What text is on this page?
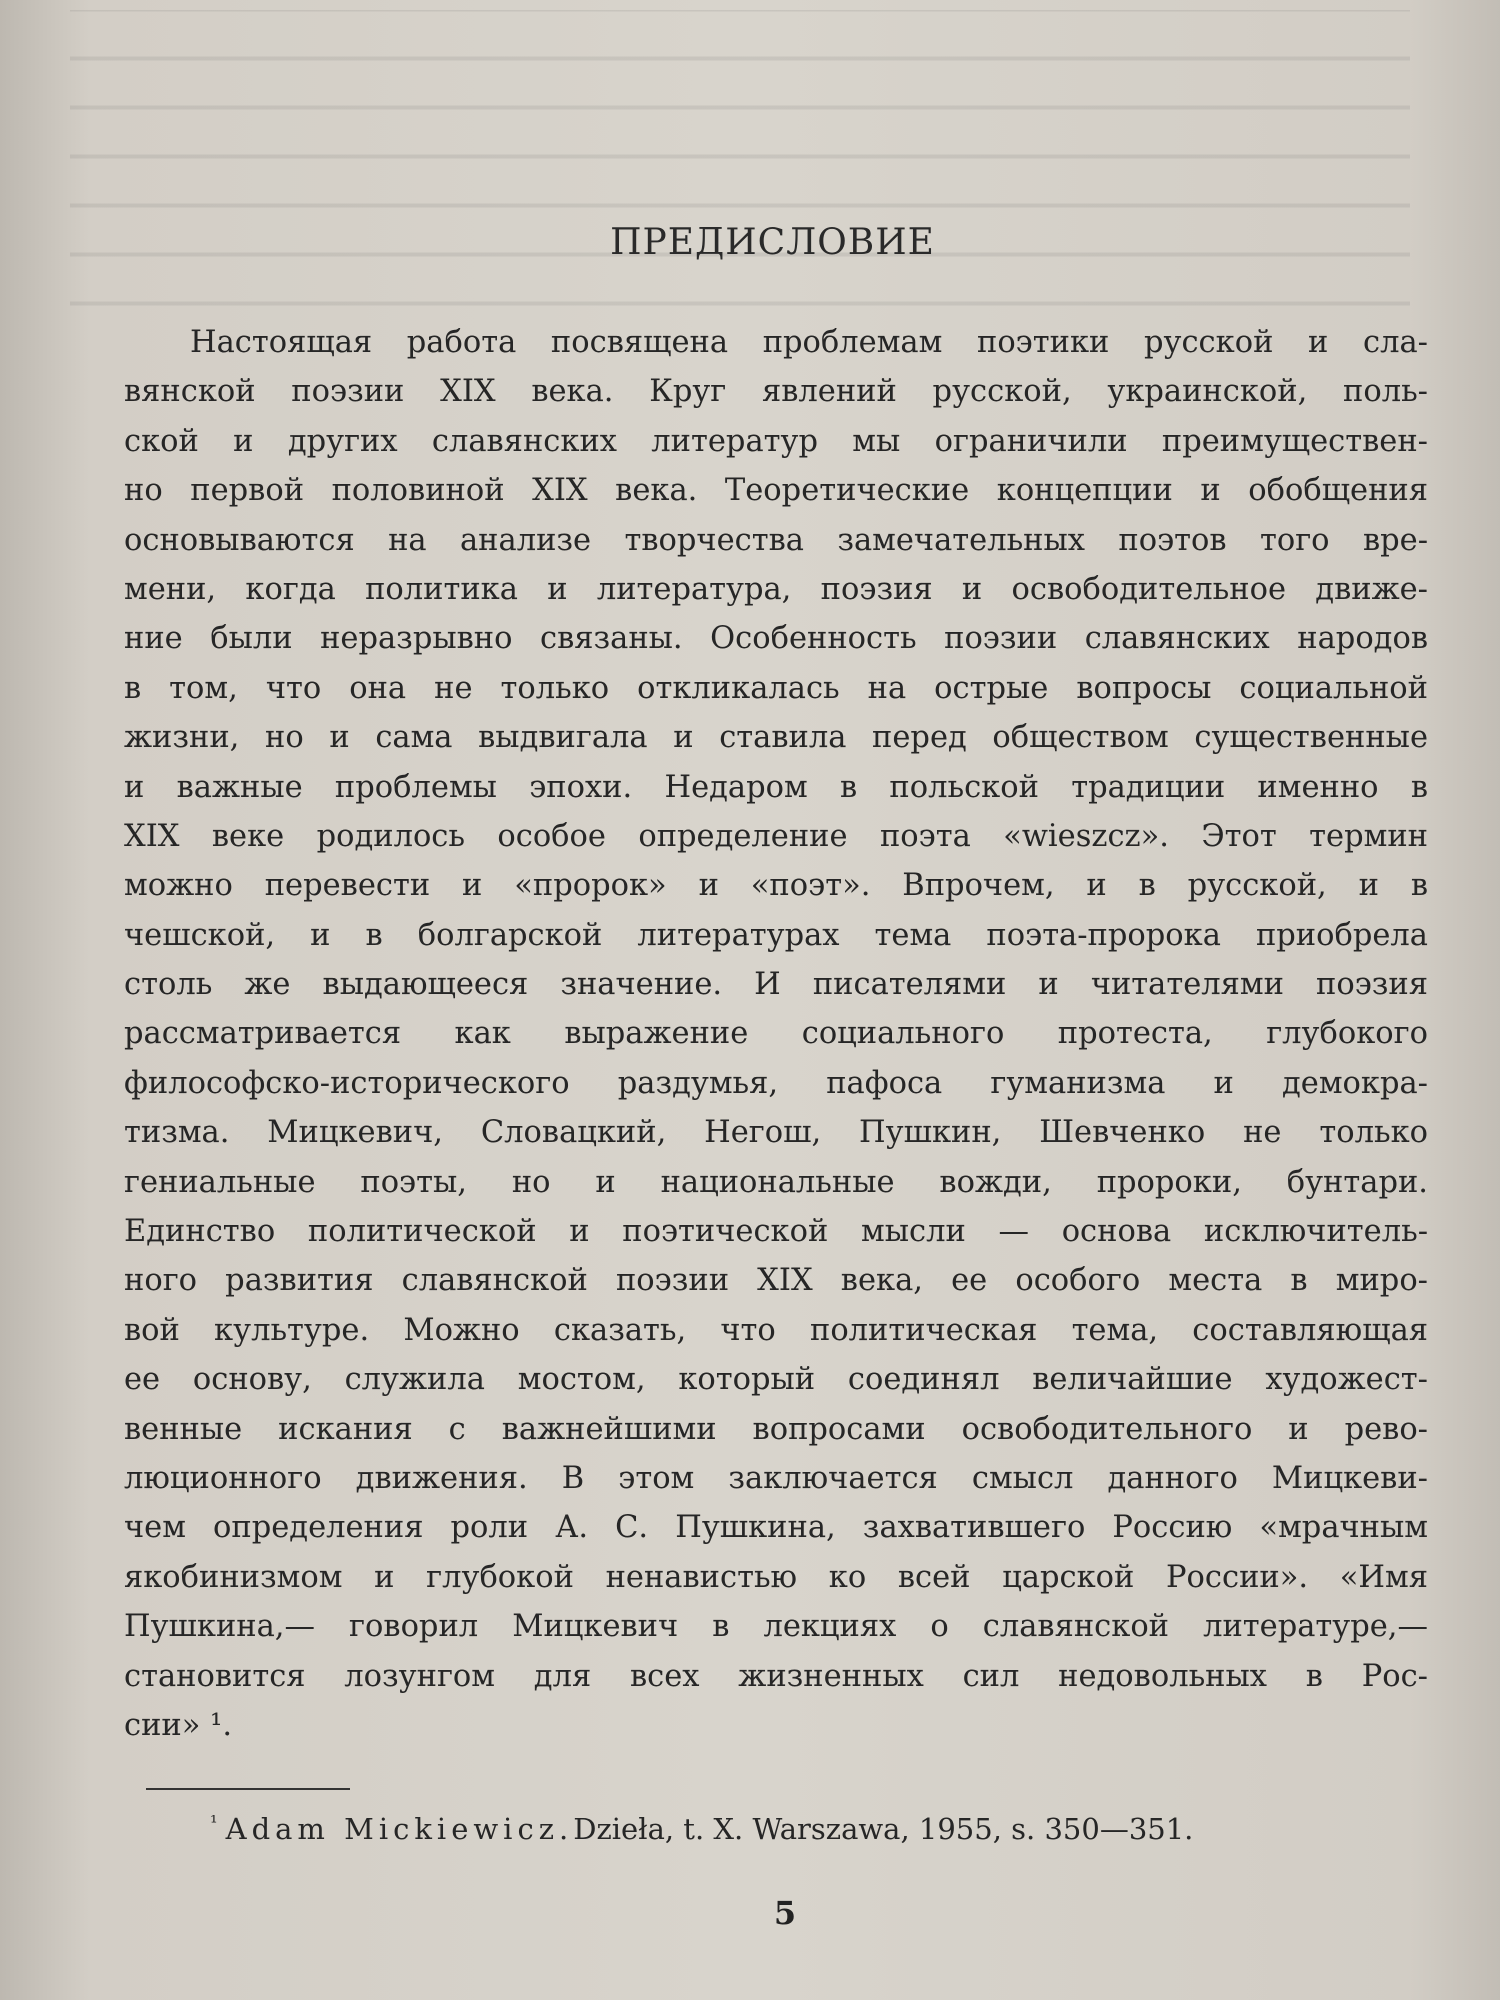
ПРЕДИСЛОВИЕ
Настоящая работа посвящена проблемам поэтики русской и сла-
вянской поэзии XIX века. Круг явлений русской, украинской, поль-
ской и других славянских литератур мы ограничили преимуществен-
но первой половиной XIX века. Теоретические концепции и обобщения
основываются на анализе творчества замечательных поэтов того вре-
мени, когда политика и литература, поэзия и освободительное движе-
ние были неразрывно связаны. Особенность поэзии славянских народов
в том, что она не только откликалась на острые вопросы социальной
жизни, но и сама выдвигала и ставила перед обществом существенные
и важные проблемы эпохи. Недаром в польской традиции именно в
XIX веке родилось особое определение поэта «wieszcz». Этот термин
можно перевести и «пророк» и «поэт». Впрочем, и в русской, и в
чешской, и в болгарской литературах тема поэта-пророка приобрела
столь же выдающееся значение. И писателями и читателями поэзия
рассматривается как выражение социального протеста, глубокого
философско-исторического раздумья, пафоса гуманизма и демокра-
тизма. Мицкевич, Словацкий, Негош, Пушкин, Шевченко не только
гениальные поэты, но и национальные вожди, пророки, бунтари.
Единство политической и поэтической мысли — основа исключитель-
ного развития славянской поэзии XIX века, ее особого места в миро-
вой культуре. Можно сказать, что политическая тема, составляющая
ее основу, служила мостом, который соединял величайшие художест-
венные искания с важнейшими вопросами освободительного и рево-
люционного движения. В этом заключается смысл данного Мицкеви-
чем определения роли А. С. Пушкина, захватившего Россию «мрачным
якобинизмом и глубокой ненавистью ко всей царской России». «Имя
Пушкина,— говорил Мицкевич в лекциях о славянской литературе,—
становится лозунгом для всех жизненных сил недовольных в Рос-
сии» ¹.
$^{^1}$ Adam Mickiewicz.Dzieła, t. X. Warszawa, 1955, s. 350—351.
5
